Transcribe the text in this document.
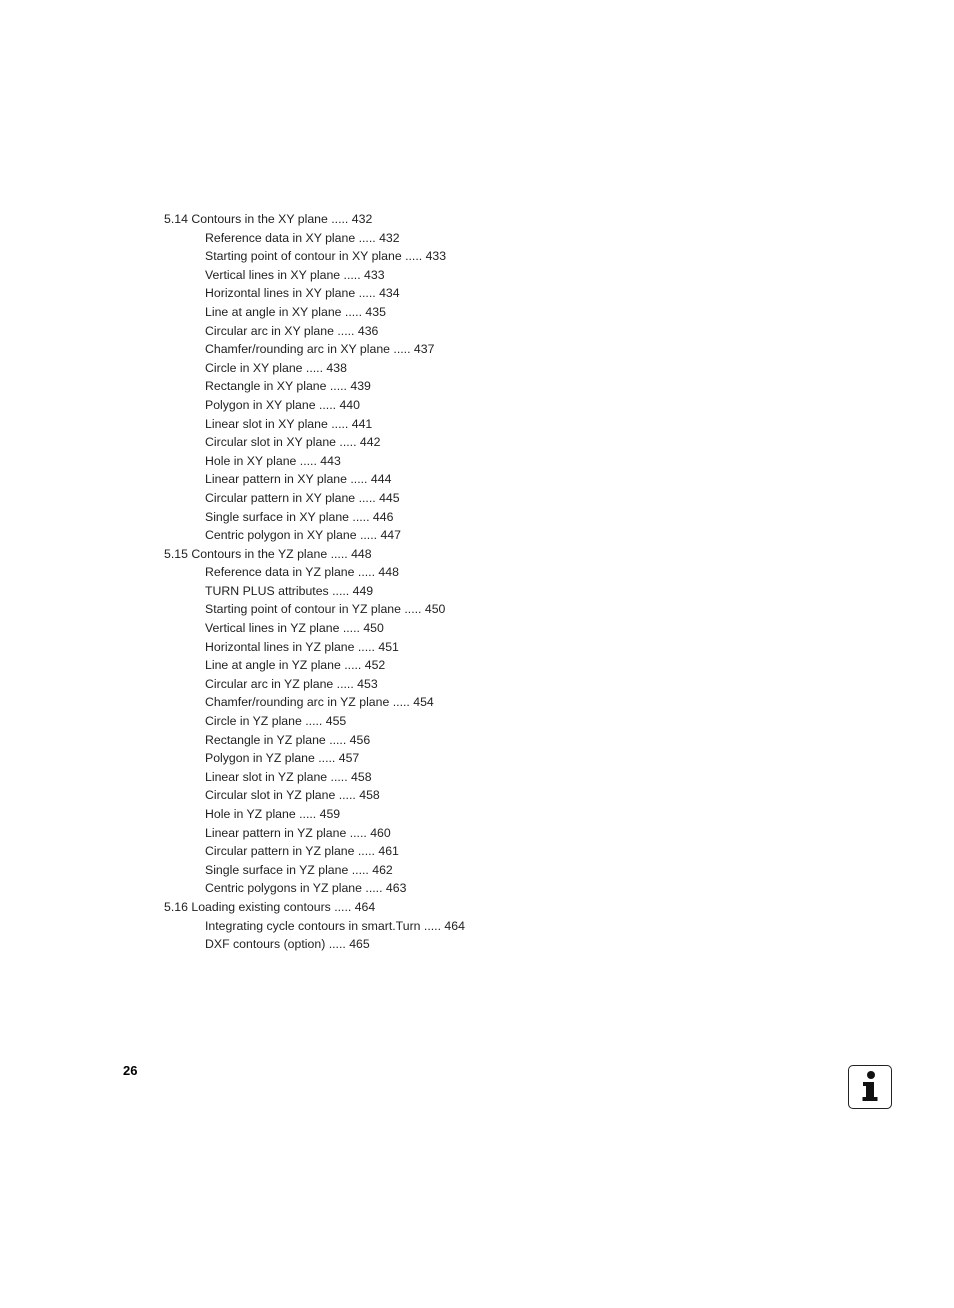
5.14 Contours in the XY plane ..... 432
Reference data in XY plane ..... 432
Starting point of contour in XY plane ..... 433
Vertical lines in XY plane ..... 433
Horizontal lines in XY plane ..... 434
Line at angle in XY plane ..... 435
Circular arc in XY plane ..... 436
Chamfer/rounding arc in XY plane ..... 437
Circle in XY plane ..... 438
Rectangle in XY plane ..... 439
Polygon in XY plane ..... 440
Linear slot in XY plane ..... 441
Circular slot in XY plane ..... 442
Hole in XY plane ..... 443
Linear pattern in XY plane ..... 444
Circular pattern in XY plane ..... 445
Single surface in XY plane ..... 446
Centric polygon in XY plane ..... 447
5.15 Contours in the YZ plane ..... 448
Reference data in YZ plane ..... 448
TURN PLUS attributes ..... 449
Starting point of contour in YZ plane ..... 450
Vertical lines in YZ plane ..... 450
Horizontal lines in YZ plane ..... 451
Line at angle in YZ plane ..... 452
Circular arc in YZ plane ..... 453
Chamfer/rounding arc in YZ plane ..... 454
Circle in YZ plane ..... 455
Rectangle in YZ plane ..... 456
Polygon in YZ plane ..... 457
Linear slot in YZ plane ..... 458
Circular slot in YZ plane ..... 458
Hole in YZ plane ..... 459
Linear pattern in YZ plane ..... 460
Circular pattern in YZ plane ..... 461
Single surface in YZ plane ..... 462
Centric polygons in YZ plane ..... 463
5.16 Loading existing contours ..... 464
Integrating cycle contours in smart.Turn ..... 464
DXF contours (option) ..... 465
26
